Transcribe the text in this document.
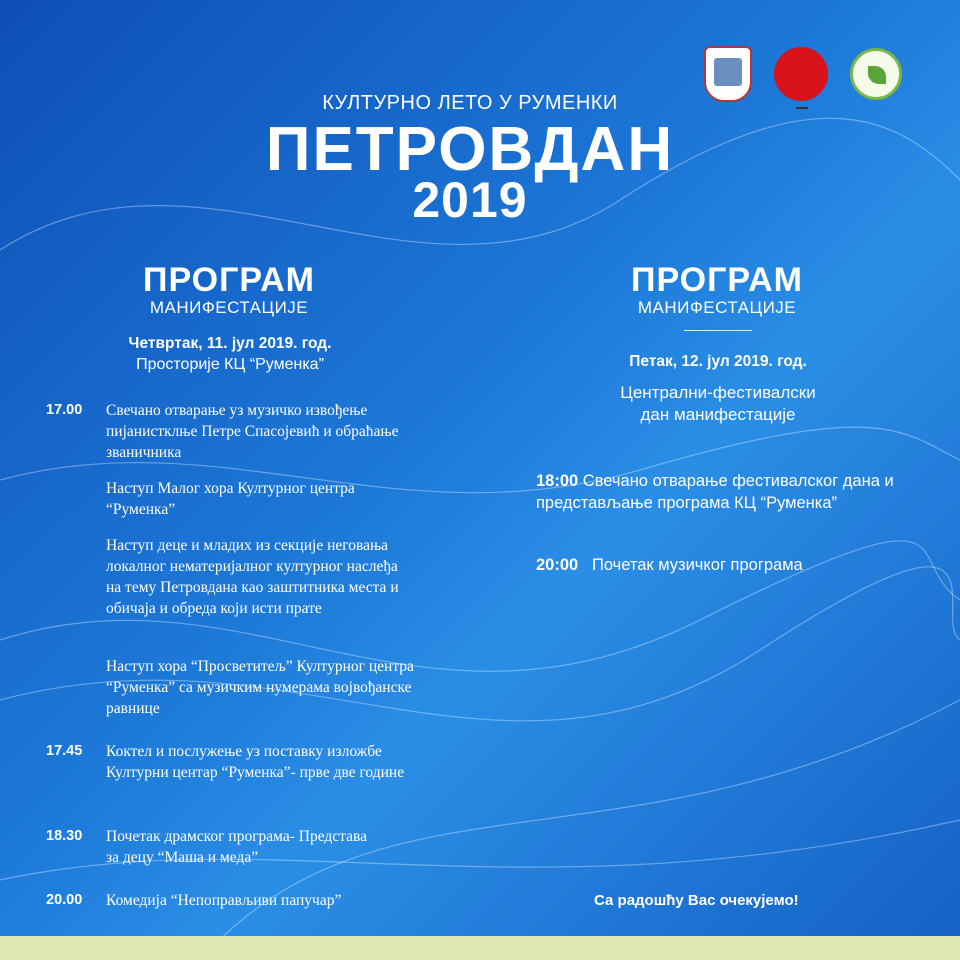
КУЛТУРНО ЛЕТО У РУМЕНКИ
ПЕТРОВДАН
2019
ПРОГРАМ
МАНИФЕСТАЦИЈЕ
Четвртак, 11. јул 2019. год.
Просторије КЦ “Руменка”
17.00 Свечано отварање уз музичко извођење пијанистклње Петре Спасојевић и обраћање званичника
Наступ Малог хора Културног центра “Руменка”
Наступ деце и младих из секције неговања локалног нематеријалног културног наслеђа на тему Петровдана као заштитника места и обичаја и обреда који исти прате
Наступ хора “Просветитељ” Културног центра “Руменка” са музичким нумерама војвођанске равнице
17.45 Коктел и послужење уз поставку изложбе Културни центар “Руменка”- прве две године
18.30 Почетак драмског програма- Представа за децу “Маша и меда”
20.00 Комедија “Непоправљиви папучар”
ПРОГРАМ
МАНИФЕСТАЦИЈЕ
Петак, 12. јул 2019. год.
Централни-фестивалски дан манифестације
18:00 Свечано отварање фестивалског дана и представљање програма КЦ “Руменка”
20:00 Почетак музичког програма
Са радошћу Вас очекујемо!
